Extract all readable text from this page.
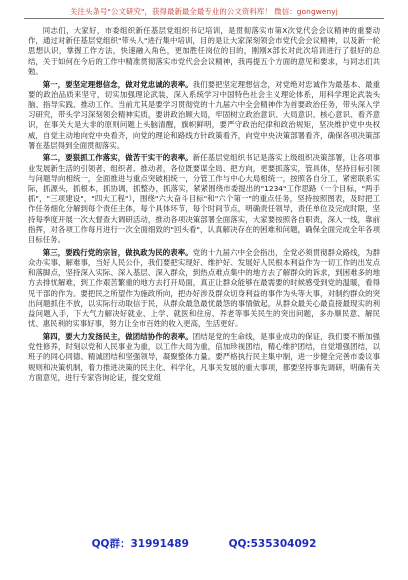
关注头条号"公文研究"，获得最新最全最专业的公文资料库！ 微信：gongwenyj

同志们，大家好，市委组织新任基层党组织书记培训，是贯彻落实市第X次党代会会议精神的重要动作，通过对新任基层党组织"带头人"进行集中培训，目的是让大家深刻领会市党代会会议精神，以及新一轮思想认识，掌握工作方法，快速融入角色，更加胜任岗位的目的，刚刚X部长对此次培训进行了很好的总结，关于如何在今后的工作中精准贯彻落实市党代会会议精神，我再提五个方面的意见和要求，与同志们共勉。

第一，要坚定理想信念，做对党忠诚的表率。我们要把坚定理想信念，对党绝对忠诚作为最基本、最重要的政治品质来坚守，切实加强理论武装，深入系统学习中国特色社会主义理论体系，用科学理论武装头脑、指导实践、推动工作。当前尤其是要学习贯彻党的十九届六中全会精神作为首要政治任务，带头深入学习研究，带头学习深刻领会精神实质，要讲政治顾大局，牢固树立政治意识、大局意识、核心意识、看齐意识，在事关大是大非的原则问题上头脑清醒，旗帜鲜明，要严守政治纪律和政治规矩，坚决维护党中央权威，自觉主动地向党中央看齐，向党的理论和路线方针政策看齐，向党中央决策部署看齐，确保各项决策部署在基层得到全面贯彻落实。

第二，要狠抓工作落实，做苦干实干的表率。新任基层党组织书记是落实上级组织决策部署，让各项事业发展新生活的引领者、组织者、推动者，各位既要谋全局、把方向，更要抓落实，管具体，坚持目标引领与问题导向相统一，全面推进与重点突破相统一，分管工作与中心大局相统一，按照各自分工，紧密联系实际，抓源头，抓根本，抓协调，抓整办，抓落实，紧紧围绕市委提出的"1234"工作思路（一个目标，"两手抓"，"三项建设"，"四大工程"），围绕"六大奋斗目标"和"六个第一"的重点任务，坚持按照图表，及时把工作任务细化分解到每个责任主体，每个具体环节，每个时间节点，明确责任领导，责任单位及完成时限，坚持每季度开展一次大督查大调研活动，推动各项决策部署全面落实，大家要按照各自职责，深入一线，靠前指挥，对各项工作每月进行一次全面细致的"回头看"，认真解决存在的困难和问题，确保全面完成全年各项目标任务。

第三，要践行党的宗旨，做执政为民的表率。党的十九届六中全会指出，全党必须贯彻群众路线，为群众办实事、解难事，当好人民公仆，我们要把实现好、维护好、发展好人民根本利益作为一切工作的出发点和落脚点，坚持深入实际、深入基层、深入群众，到热点难点集中的地方去了解群众的诉求，到困难多的地方去排忧解难，到工作艰苦繁重的地方去打开局面，真正让群众能够在最需要的时候感受到党的温暖，看得见干部的作为。要把民之所望作为施政所向，把办好涉及群众切身利益的事作为头等大事，对制约群众的突出问题抓住不放，以实际行动取信于民，从群众最急最忧最怨的事情做起，从群众最关心最直接最现实的利益问题入手，下大气力解决好就业、上学、就医和住房、养老等事关民生的突出问题，多办顺民意、解民忧、惠民利的实事好事，努力让全市百姓的收入更高，生活更好。

第四，要大力发扬民主，做团结协作的表率。团结是党的生命线，是事业成功的保证，我们要不断加强党性修养，时刻以党和人民事业为重，以工作大局为重，倍加珍视团结，精心维护团结，自觉增强团结，以班子的同心同德、精诚团结和坚强领导，凝聚整体力量。要严格执行民主集中制，进一步健全完善市委议事规则和决策机制，着力推进决策的民主化、科学化，凡事关发展的重大事项，都要坚持事先调研，明确有关方面意见，进行专家咨询论证，提交党组

QQ群：31991489	QQ:535304092
